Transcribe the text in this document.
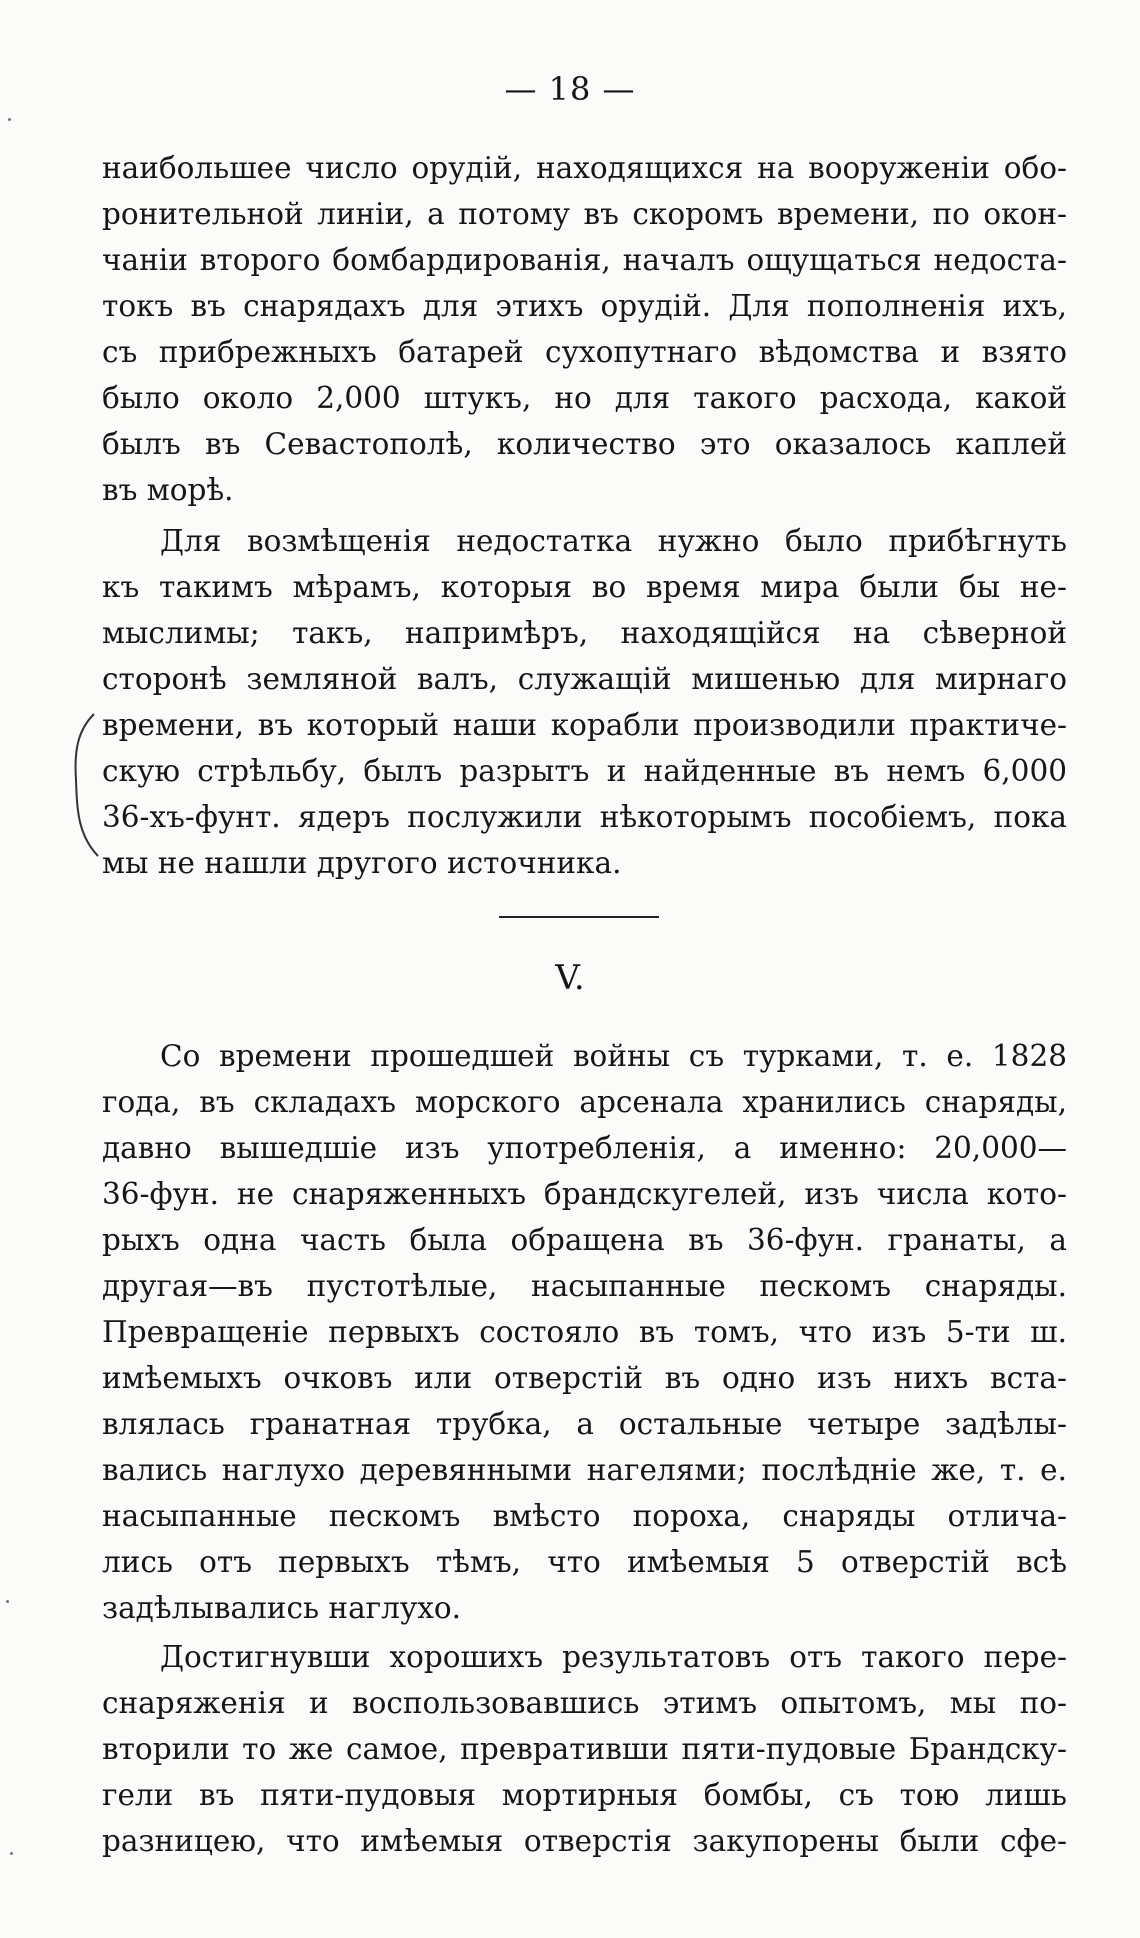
— 18 —
наибольшее число орудій, находящихся на вооруженіи обо-
ронительной линіи, а потому въ скоромъ времени, по окон-
чаніи второго бомбардированія, началъ ощущаться недоста-
токъ въ снарядахъ для этихъ орудій. Для пополненія ихъ,
съ прибрежныхъ батарей сухопутнаго вѣдомства и взято
было около 2,000 штукъ, но для такого расхода, какой
былъ въ Севастополѣ, количество это оказалось каплей
въ морѣ.
Для возмѣщенія недостатка нужно было прибѣгнуть
къ такимъ мѣрамъ, которыя во время мира были бы не-
мыслимы; такъ, напримѣръ, находящійся на сѣверной
сторонѣ земляной валъ, служащій мишенью для мирнаго
времени, въ который наши корабли производили практиче-
скую стрѣльбу, былъ разрытъ и найденные въ немъ 6,000
36-хъ-фунт. ядеръ послужили нѣкоторымъ пособіемъ, пока
мы не нашли другого источника.
V.
Со времени прошедшей войны съ турками, т. е. 1828
года, въ складахъ морского арсенала хранились снаряды,
давно вышедшіе изъ употребленія, а именно: 20,000—
36-фун. не снаряженныхъ брандскугелей, изъ числа кото-
рыхъ одна часть была обращена въ 36-фун. гранаты, а
другая—въ пустотѣлые, насыпанные пескомъ снаряды.
Превращеніе первыхъ состояло въ томъ, что изъ 5-ти ш.
имѣемыхъ очковъ или отверстій въ одно изъ нихъ вста-
влялась гранатная трубка, а остальные четыре задѣлы-
вались наглухо деревянными нагелями; послѣдніе же, т. е.
насыпанные пескомъ вмѣсто пороха, снаряды отлича-
лись отъ первыхъ тѣмъ, что имѣемыя 5 отверстій всѣ
задѣлывались наглухо.
Достигнувши хорошихъ результатовъ отъ такого пере-
снаряженія и воспользовавшись этимъ опытомъ, мы по-
вторили то же самое, превративши пяти-пудовые Брандску-
гели въ пяти-пудовыя мортирныя бомбы, съ тою лишь
разницею, что имѣемыя отверстія закупорены были сфе-
